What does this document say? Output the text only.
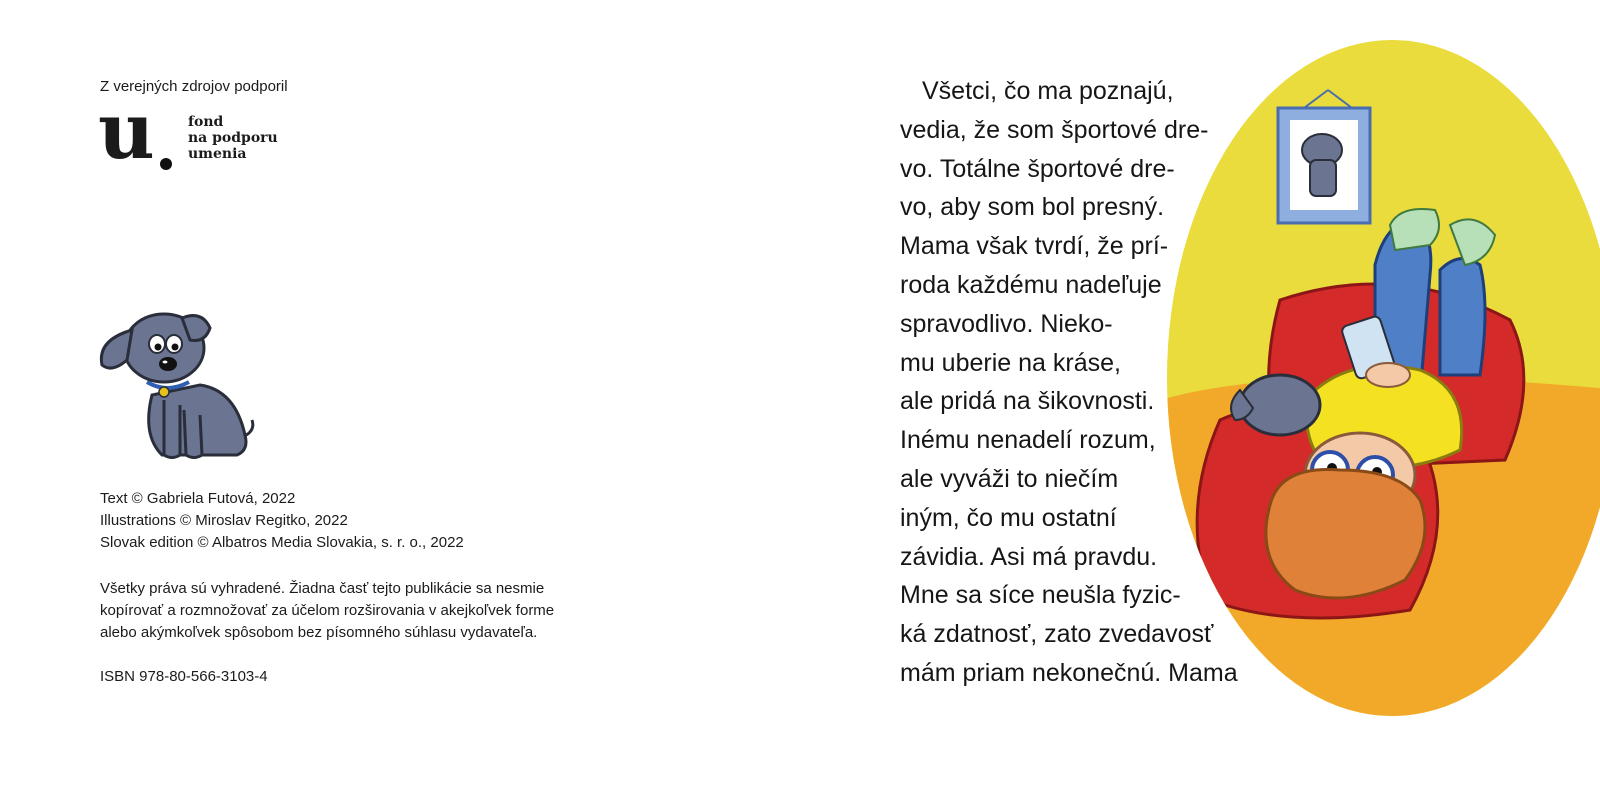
Z verejných zdrojov podporil
u fond
na podporu
umenia
Text © Gabriela Futová, 2022
Illustrations © Miroslav Regitko, 2022
Slovak edition © Albatros Media Slovakia, s. r. o., 2022
Všetky práva sú vyhradené. Žiadna časť tejto publikácie sa nesmie
kopírovať a rozmnožovať za účelom rozširovania v akejkoľvek forme
alebo akýmkoľvek spôsobom bez písomného súhlasu vydavateľa.
ISBN 978-80-566-3103-4
Všetci, čo ma poznajú,
vedia, že som športové dre-
vo. Totálne športové dre-
vo, aby som bol presný.
Mama však tvrdí, že prí-
roda každému nadeľuje
spravodlivo. Nieko-
mu uberie na kráse,
ale pridá na šikovnosti.
Inému nenadelí rozum,
ale vyváži to niečím
iným, čo mu ostatní
závidia. Asi má pravdu.
Mne sa síce neušla fyzic-
ká zdatnosť, zato zvedavosť
mám priam nekonečnú. Mama
